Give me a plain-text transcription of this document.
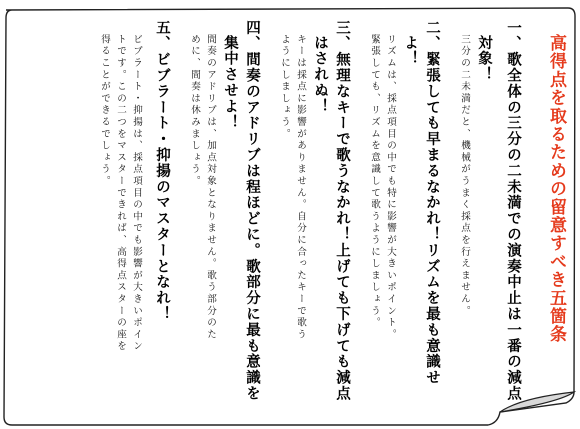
高得点を取るための留意すべき五箇条
一、歌全体の三分の二未満での演奏中止は一番の減点
対象！
三分の二未満だと、機械がうまく採点を行えません。
二、緊張しても早まるなかれ！リズムを最も意識せ
よ！
リズムは、採点項目の中でも特に影響が大きいポイント。
緊張しても、リズムを意識して歌うようにしましょう。
三、無理なキーで歌うなかれ！上げても下げても減点
はされぬ！
キーは採点に影響がありません。自分に合ったキーで歌う
ようにしましょう。
四、間奏のアドリブは程ほどに。歌部分に最も意識を
集中させよ！
間奏のアドリブは、加点対象となりません。歌う部分のた
めに、間奏は休みましょう。
五、ビブラート・抑揚のマスターとなれ！
ビブラート・抑揚は、採点項目の中でも影響が大きいポイン
トです。この二つをマスターできれば、高得点スターの座を
得ることができるでしょう。
